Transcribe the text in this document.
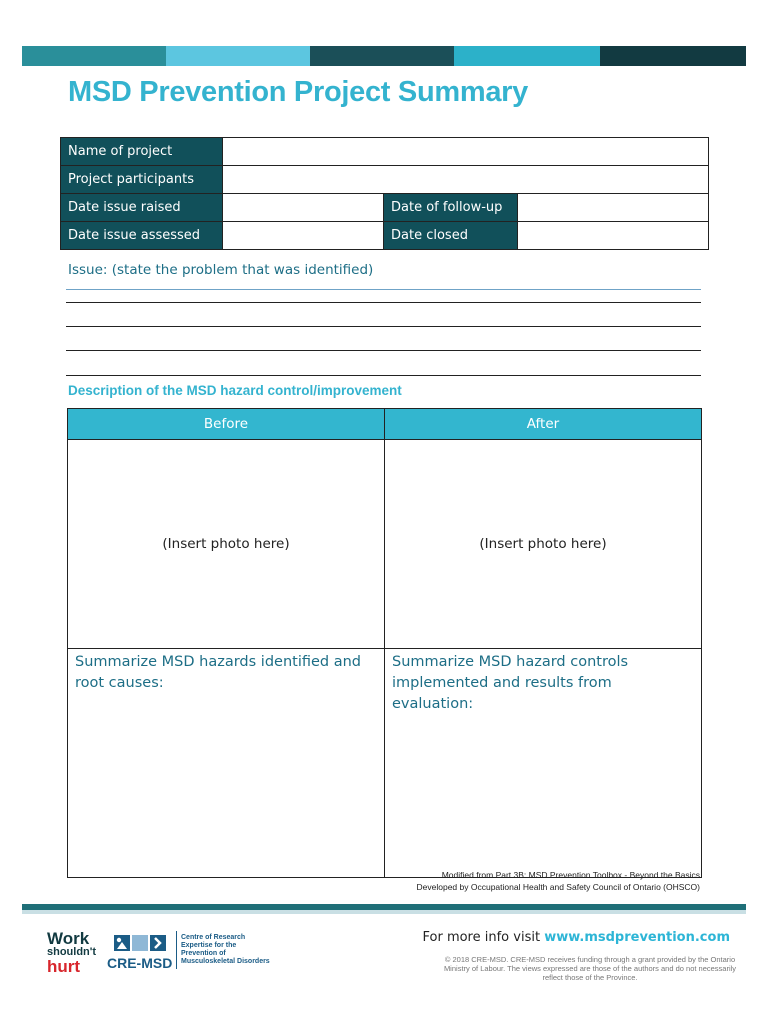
MSD Prevention Project Summary
Name of project			
Project participants			
Date issue raised		Date of follow-up	
Date issue assessed		Date closed	
Issue: (state the problem that was identified)
Description of the MSD hazard control/improvement
Before	After
(Insert photo here)	(Insert photo here)
Summarize MSD hazards identified and root causes:	Summarize MSD hazard controls implemented and results from evaluation:
Modified from Part 3B: MSD Prevention Toolbox - Beyond the Basics
Developed by Occupational Health and Safety Council of Ontario (OHSCO)
Work
shouldn't
hurt	CRE-MSD
Centre of Research
Expertise for the
Prevention of
Musculoskeletal Disorders
For more info visit www.msdprevention.com
© 2018 CRE-MSD. CRE-MSD receives funding through a grant provided by the Ontario Ministry of Labour. The views expressed are those of the authors and do not necessarily reflect those of the Province.
